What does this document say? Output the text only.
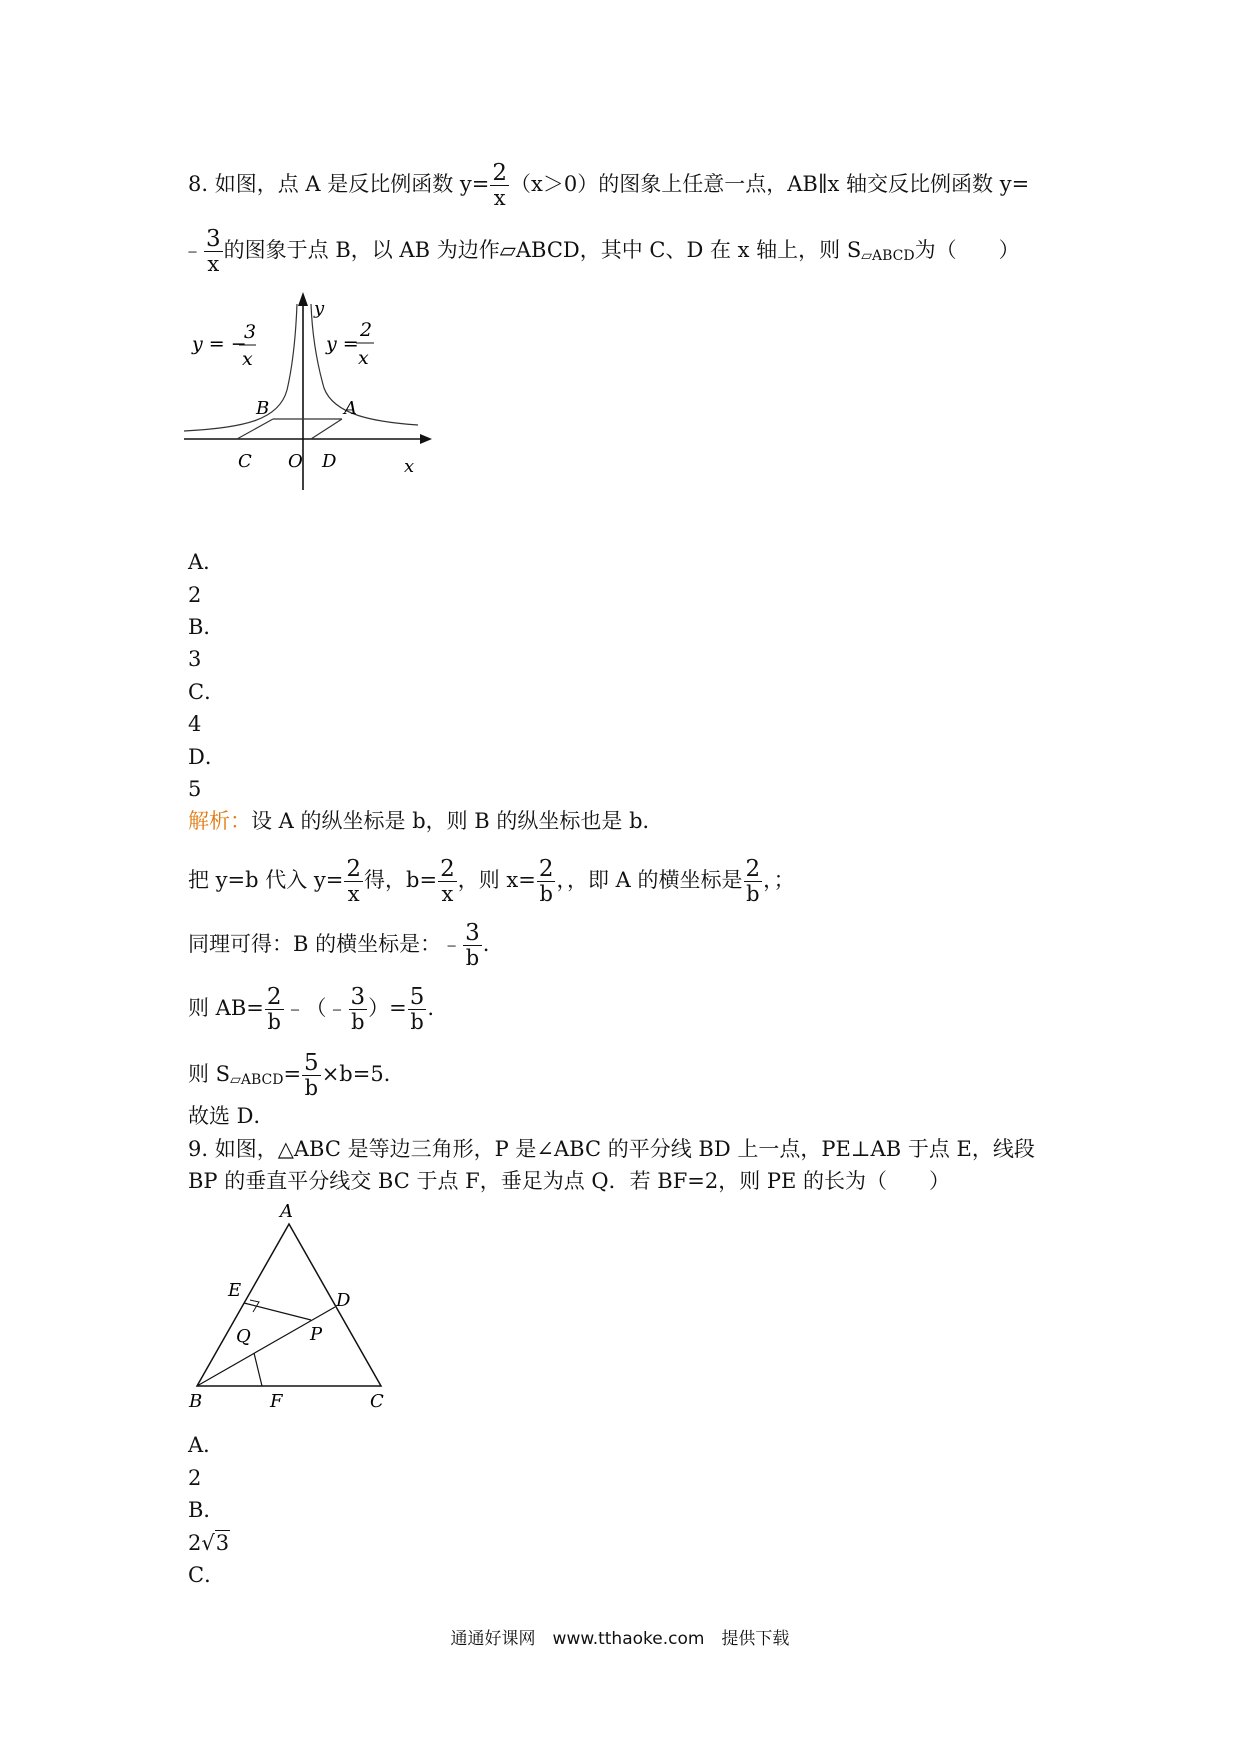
8. 如图，点 A 是反比例函数 $y= \frac{2}{x} (x>0)$的图象上任意一点，AB∥x 轴交反比例函数 y=
﹣ $\frac{3}{x}$ 的图象于点 B，以 AB 为边作▱ABCD，其中 C、D 在 x 轴上，则 $S_{▱ABCD}$为（　　）
y
x
y = −
3
x
y =
2
x
B	A
C O D
A．
2
B．
3
C．
4
D．
5
解析：设 A 的纵坐标是 b，则 B 的纵坐标也是 b．
把 y=b 代入 $y= \frac{2}{x}$ 得，$b= \frac{2}{x}$ ，则 $x= \frac{2}{b}$ ，，即 A 的横坐标是 $\frac{2}{b}$ ，；
同理可得：B 的横坐标是：﹣ $\frac{3}{b}$ .
则 $AB= \frac{2}{b}$ ﹣（﹣ $\frac{3}{b}$ ）= $\frac{5}{b}$ .
则 $S_{▱ABCD}= \frac{5}{b} \times b=5$.
故选 D．
9. 如图，△ABC 是等边三角形，P 是∠ABC 的平分线 BD 上一点，PE⊥AB 于点 E，线段
BP 的垂直平分线交 BC 于点 F，垂足为点 Q．若 BF=2，则 PE 的长为（　　）
A
E	D
Q	P
B	F	C
A．
2
B．
2√3
C．
通通好课网　www.tthaoke.com　提供下载
